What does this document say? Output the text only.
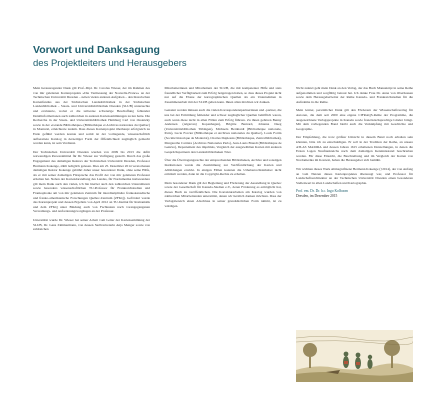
Vorwort und Danksagung
des Projektleiters und Herausgebers

Mein herausragender Dank gilt Prof.-Dipl. Dr. Carolus Wieser, der im Rahmen des von mir geleiteten Kartenprojekts »Die Vermessung der Nouvelle-France« an der Technischen Universität Dresden – neben vielen anderen Aufgaben – den historischen Kartenfundus aus der Sächsischen Landesbibliothek in der Sächsischen Landesbibliothek – Staats- und Universitätsbibliothek Dresden (SLUB) untersuchte und evaluierte, wobei er die teilweise schwierige Beschaffung fehlender Detailinformationen auch zahlreichen in auderen Kartensammlungen zu tun hatte. Die Recherche in der Staats- und Universitätsbibliothek Hamburg Carl von Ossietzky sowie in der »Grande Bibliothèque« (Bibliothèque et Archives nationales du Québec) in Montréal, erleichterte zudem. Dass dieses Kartenprojekt überhaupt erfolgreich zu Ende geführt werden konnte und somit ist der vorliegende, wissenschaftlich aufbereitete Katalog in derzeitiger Form der Öffentlichkeit zugänglich gemacht werden kann, ist sein Verdienst.

Der Technischen Universität Dresden wurden von 2009 bis 2013 die dafür notwendigen Personalmittel für Dr. Wieser zur Verfügung gestellt. Durch das große Engagement des damaligen Rektors der Technischen Universität Dresden, Professor Hermann Kokenge, zählt lediglich gelesen. Dies am 25. Dezember 2014 verstorbenen damaligen Rektor Kokenge gebührt daher unser besonderer Dank, ohne seine Hilfe, als er mit seiner damaligen Fürsprache das Profil der von mir geleiteten Professur erhalten hat. Neben der Kartendarstellung des Landes, für Nordamerika insbesondere gilt mein Dank auch den vielen, ich bin hierbei auch den zahlreichen Unterstützern sowie besonders wissenschaftlichen TU-Professor für Frankreichstudien und Frankophonie am von mir geleiteten Zentrum für interdisziplinäre frankokanadische und franko-amerikanische Forschungen Québec-Zentrum (ZFKQ). Gefördert wurde das Kartenprojekt und dessen Ergebnis von April 2012 an TU-Institut für Romanistik und dem ZFKQ unter Bindung auch von Fachleuten nach vorangegangenen Verwaltungs- und Anforderungsvorgängen an der Professur.

Unterstützt wurde Dr. Wieser bei seiner Arbeit vom Leiter der Kartensammlung der SLUB, Dr. Gans Zimmermann, von dessen Stellvertreterin Anja Menger sowie von zahlreichen

Mitarbeiterinnen und Mitarbeitern der SLUB, die mit kompetenter Hilfe und stets freundlicher Verfügbarkeit zum Erfolg beigetragen haben, so dass dieses Projekt nicht nur auf die Ebene der kartographischen Quellen als ein Unternehmen in Zusammenarbeit mit der SLUB gelten kann. Ihnen allen möchten wir danken.

Genannt werden müssen auch die vielen Korrespondenzpartnerinnen und -partner, die uns bei der Ermittlung fehlender und schwer zugänglicher Quellen behilflich waren, auch wenn diese nicht in allen Fällen zum Erfolg führten. Zu ihnen gehören Benny Andersen (Algarsvej Kopenhagen), Brigitte Bernard, Johanna Deeg (Universitätsbibliothek Tübingen), Michaela Bernhardt (Bibliothèque nationale, Paris), Lucie Forcier (Bibliothèque et Archives nationales du Québec), Louis Fortin (Société historique de Montréal), Charles Duplessis (Bibliothèque, Zentralbibliothek), Margaretha Carrière (Archives Nationales Paris), Jean-Louis Brandt (Bibliothèque de Genève), Departement des imprimés, Vergleich der ausgewählten Karten mit anderen Gesprächspartnern den Landesbibliotheken Trier.

Über die Übertragungsrechte der entsprechenden Bibliotheken, Archive und sonstigen Institutionen wurde die Zustimmung zur Veröffentlichung der Karten und Abbildungen erwirkt. In einigen Fällen konnten die Urheberrechtsinhaber nicht ermittelt werden, dann ist die Copyright-Rechte zu erhalten.

Mein besonderer Dank gilt der Begleitung und Förderung der Ausstellung in Quebec sowie der Gesellschaft für Kanada-Studien e.V., deren Förderung es ermöglicht hat, dieses Buch zu veröffentlichen. Die Korrekturarbeiten am Katalog wurden von zahlreichen Mitarbeitenden unterstützt, denen wir herzlich danken möchten. Dass der Verlagsbereich einen Abschluss in seiner grundsätzlichen Form nimmt, ist zu würdigen.

Nicht zuletzt geht mein Dank an den Verlag, der das Buch Manuskript in seine Reihe aufgenommen und sorgfältig betreut hat. Ich danke Frau Dr. Anna von Oberhausen sowie dem Herausgeberbeirat der Reihe Kanada- und Frankreichstudien für die Aufnahme in die Reihe.

Mein letzter, persönlicher Dank gilt den Förderern der Wissenschaftsverlag für Autoren, die dem seit 2000 eine eigene CIFRAQS-Reihe der Programme, die ausgezeichnete Verlagsprojekte in Kanada sowie französischsprachige Länder bringt. Mit dem vorliegenden Band bleibt auch die Verknüpfung mit Geschichte und Geographie.

Der Empfehlung, die trotz größter Umsicht in diesem Band noch erhalten sein könnten, bitte ich zu entschuldigen. Er soll in der Tradition der Reihe, an unsere ATLAS MAIORA und dessen Jahren 1615 erhaltenen Darstellungen, in denen die Ersten Lagen Neufrankreichs nach dem damaligen Kenntnisstand beschrieben werden. Für diese Einsicht, die Beschreibung und im Vergleich der Karten von Nordamerika im Kontext, haben die Herausgeber sich bemüht.

Wir widmen dieses Werk Altmagnifizenz Hermann Kokenge (†2014), der von Anfang an vom Nutzen dieses Kartenprojektes überzeugt war, und Professor für Landschaftsarchitektur an der Technischen Universität Dresden einen besonderen Stellenwert in allen Landschaften und Kartographie.

Prof. em. Dr. Dr. h.c. Ingo Kolboom
Dresden, im Dezember 2015
